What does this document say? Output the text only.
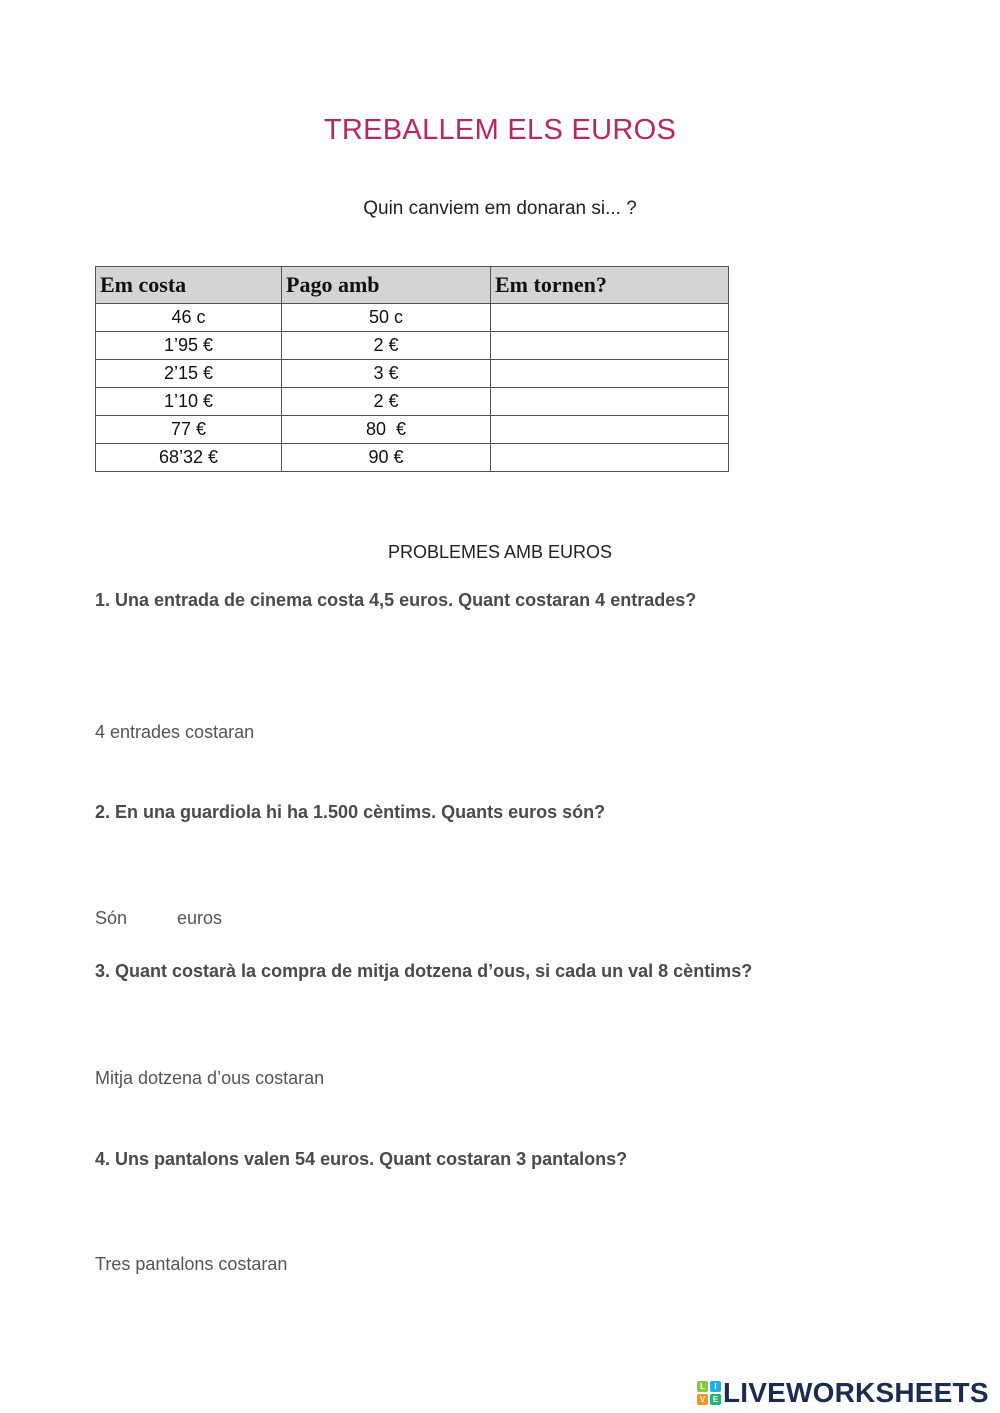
TREBALLEM ELS EUROS
Quin canviem em donaran si... ?
Em costa	Pago amb	Em tornen?
46 c	50 c	
1’95 €	2 €	
2’15 €	3 €	
1’10 €	2 €	
77 €	80  €	
68’32 €	90 €	
PROBLEMES AMB EUROS
1. Una entrada de cinema costa 4,5 euros. Quant costaran 4 entrades?
4 entrades costaran
2. En una guardiola hi ha 1.500 cèntims. Quants euros són?
Són	euros
3. Quant costarà la compra de mitja dotzena d’ous, si cada un val 8 cèntims?
Mitja dotzena d’ous costaran
4. Uns pantalons valen 54 euros. Quant costaran 3 pantalons?
Tres pantalons costaran
L	I
V E LIVEWORKSHEETS
